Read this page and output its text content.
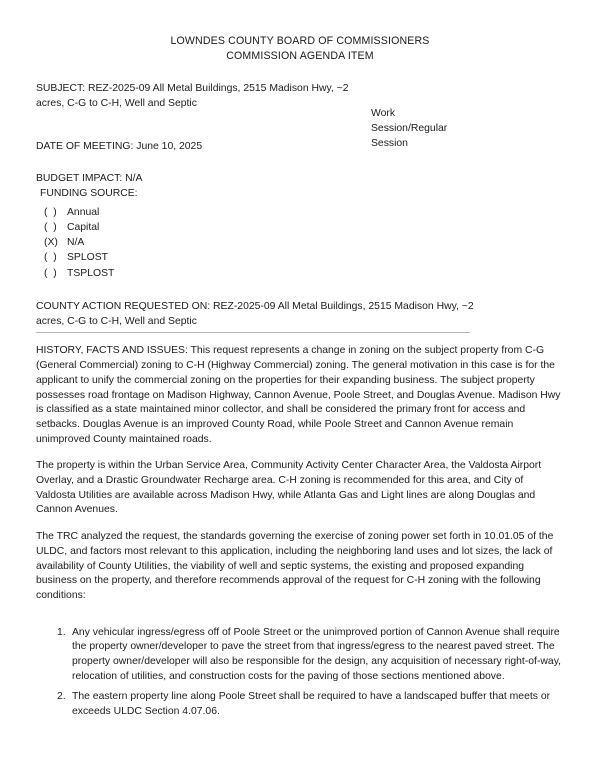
LOWNDES COUNTY BOARD OF COMMISSIONERS
COMMISSION AGENDA ITEM
SUBJECT: REZ-2025-09 All Metal Buildings, 2515 Madison Hwy, ~2
acres, C-G to C-H, Well and Septic
Work
Session/Regular
Session
DATE OF MEETING: June 10, 2025
BUDGET IMPACT: N/A
FUNDING SOURCE:
(  ) Annual
(  ) Capital
(X) N/A
(  ) SPLOST
(  ) TSPLOST
COUNTY ACTION REQUESTED ON: REZ-2025-09 All Metal Buildings, 2515 Madison Hwy, ~2
acres, C-G to C-H, Well and Septic

HISTORY, FACTS AND ISSUES: This request represents a change in zoning on the subject property from C-G (General Commercial) zoning to C-H (Highway Commercial) zoning. The general motivation in this case is for the applicant to unify the commercial zoning on the properties for their expanding business. The subject property possesses road frontage on Madison Highway, Cannon Avenue, Poole Street, and Douglas Avenue. Madison Hwy is classified as a state maintained minor collector, and shall be considered the primary front for access and setbacks. Douglas Avenue is an improved County Road, while Poole Street and Cannon Avenue remain unimproved County maintained roads.

The property is within the Urban Service Area, Community Activity Center Character Area, the Valdosta Airport Overlay, and a Drastic Groundwater Recharge area. C-H zoning is recommended for this area, and City of Valdosta Utilities are available across Madison Hwy, while Atlanta Gas and Light lines are along Douglas and Cannon Avenues.

The TRC analyzed the request, the standards governing the exercise of zoning power set forth in 10.01.05 of the ULDC, and factors most relevant to this application, including the neighboring land uses and lot sizes, the lack of availability of County Utilities, the viability of well and septic systems, the existing and proposed expanding business on the property, and therefore recommends approval of the request for C-H zoning with the following conditions:

1. Any vehicular ingress/egress off of Poole Street or the unimproved portion of Cannon Avenue shall require the property owner/developer to pave the street from that ingress/egress to the nearest paved street. The property owner/developer will also be responsible for the design, any acquisition of necessary right-of-way, relocation of utilities, and construction costs for the paving of those sections mentioned above.
2. The eastern property line along Poole Street shall be required to have a landscaped buffer that meets or exceeds ULDC Section 4.07.06.
